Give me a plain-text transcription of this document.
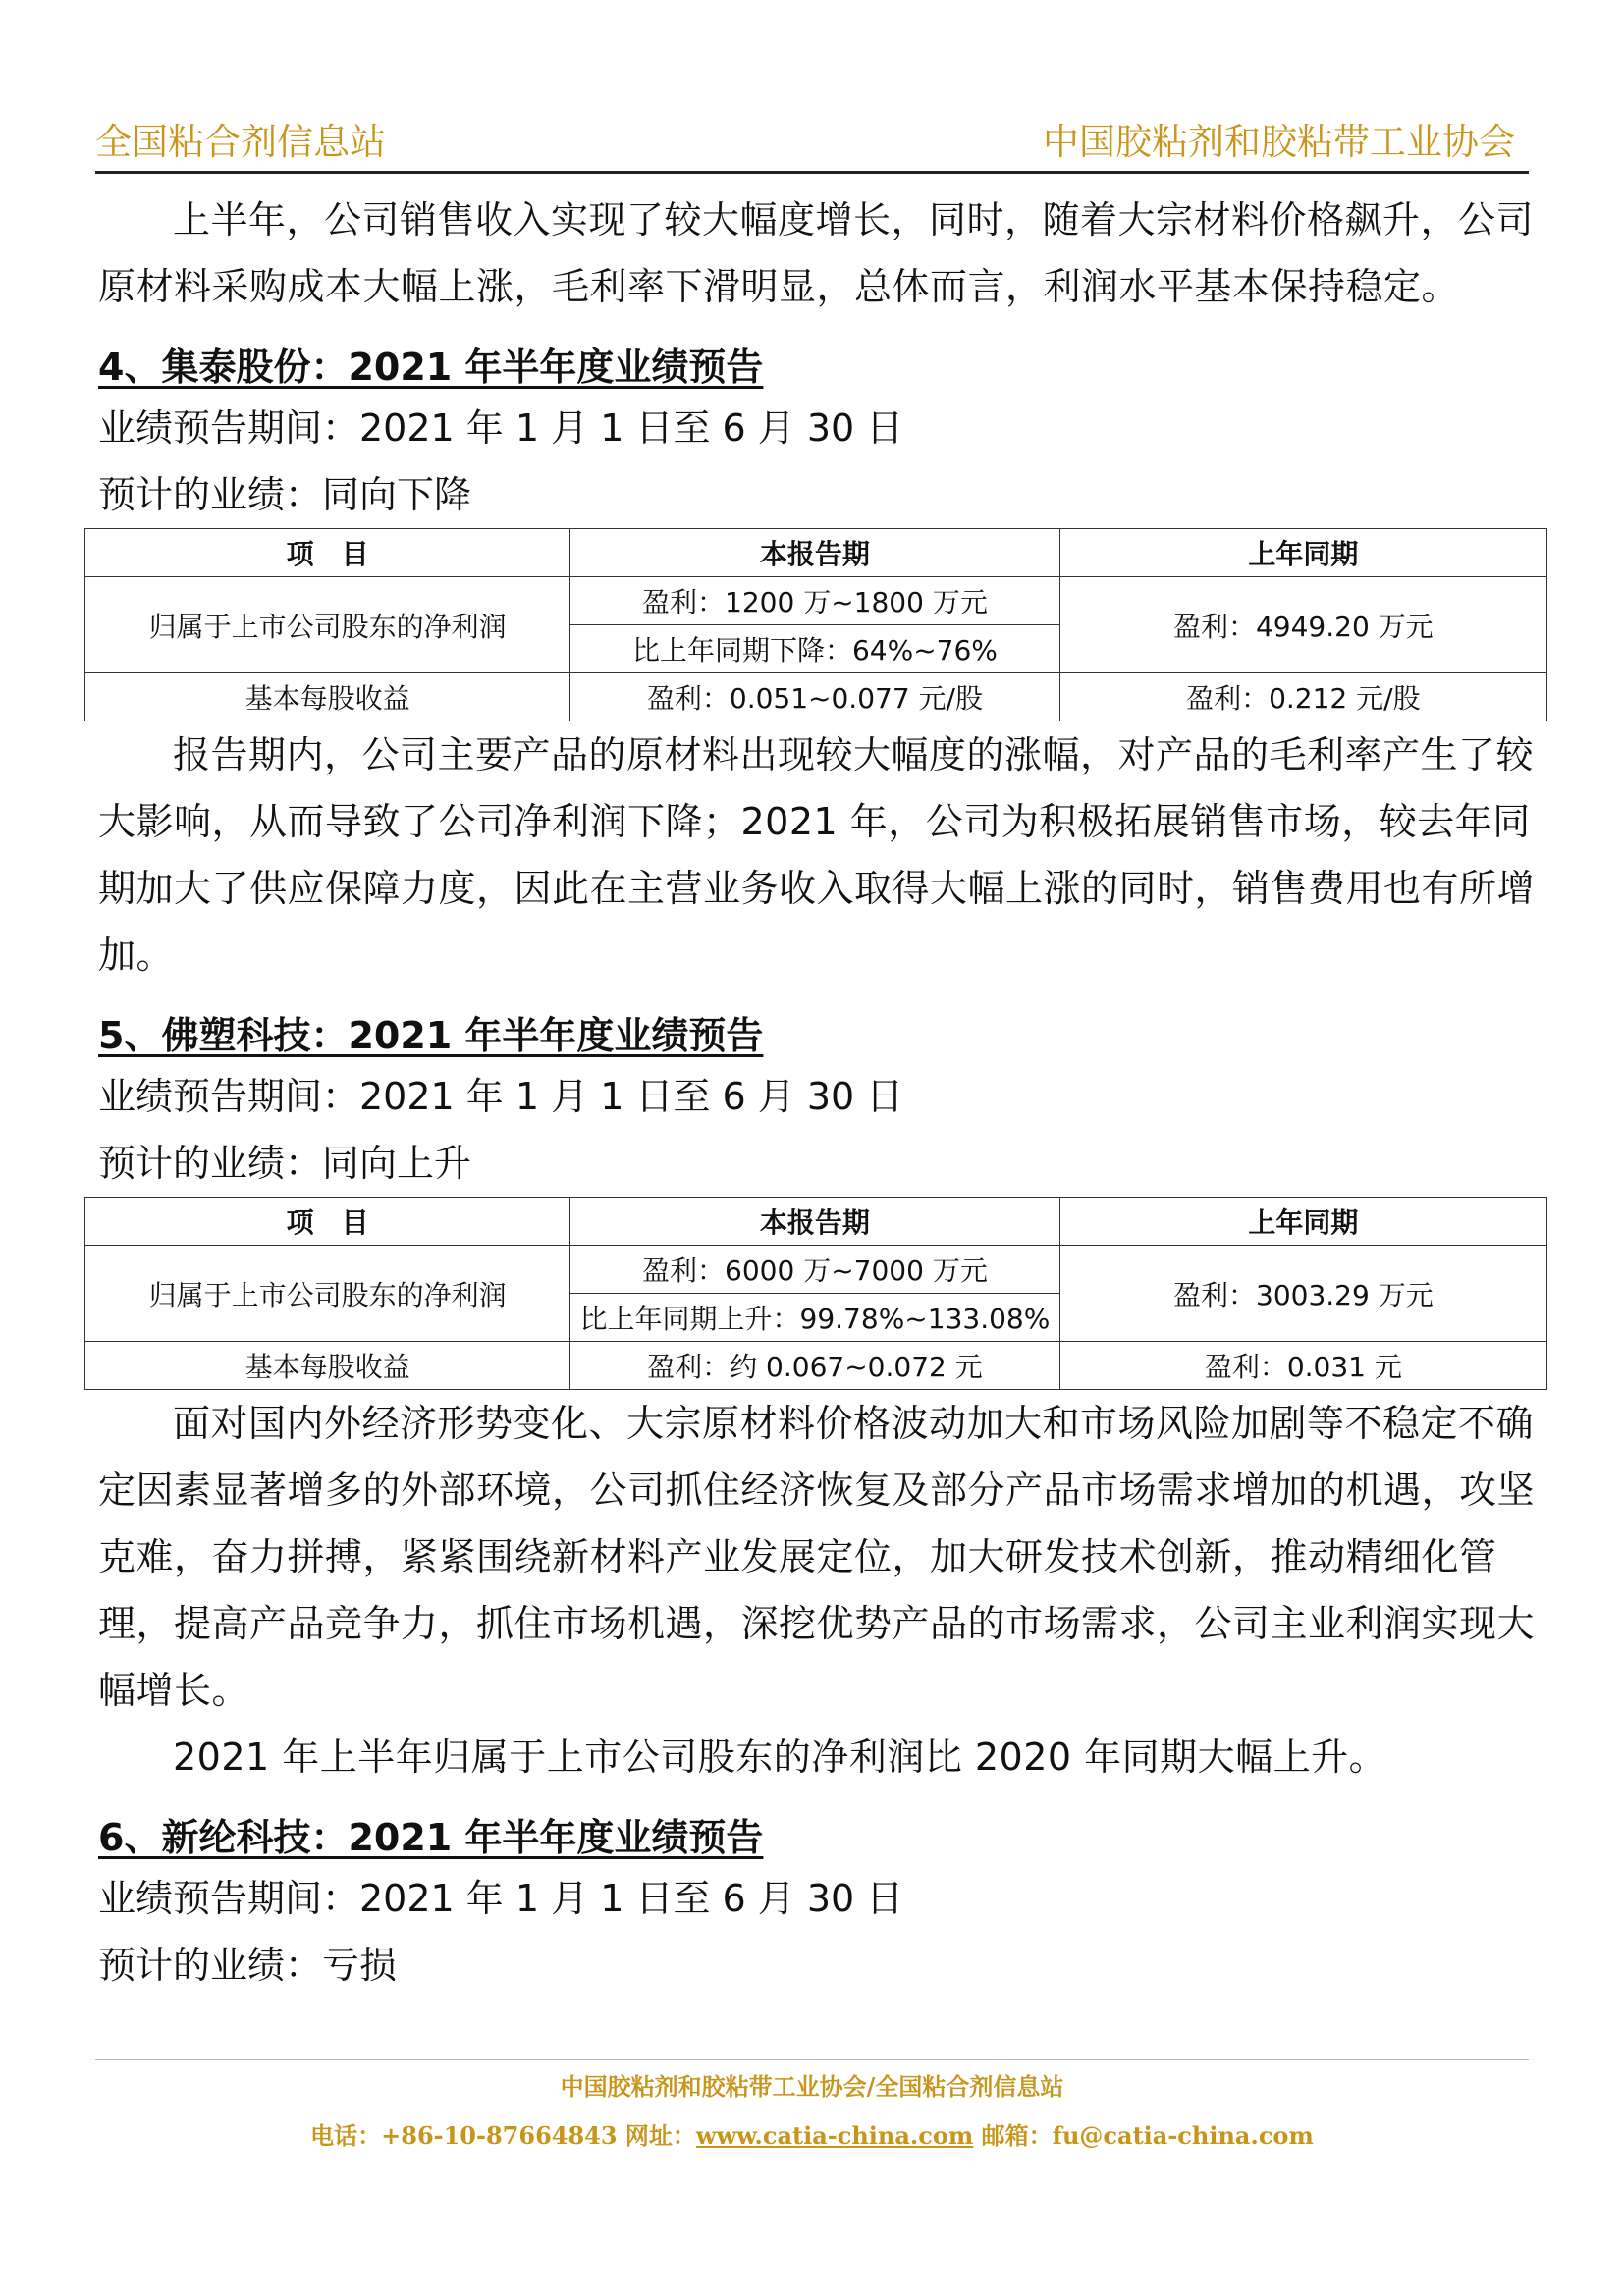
全国粘合剂信息站	中国胶粘剂和胶粘带工业协会

上半年，公司销售收入实现了较大幅度增长，同时，随着大宗材料价格飙升，公司原材料采购成本大幅上涨，毛利率下滑明显，总体而言，利润水平基本保持稳定。

4、集泰股份：2021 年半年度业绩预告

业绩预告期间：2021 年 1 月 1 日至 6 月 30 日

预计的业绩：同向下降

项　目	本报告期	上年同期
归属于上市公司股东的净利润	盈利：1200 万~1800 万元	盈利：4949.20 万元
	比上年同期下降：64%~76%	
基本每股收益	盈利：0.051~0.077 元/股	盈利：0.212 元/股

报告期内，公司主要产品的原材料出现较大幅度的涨幅，对产品的毛利率产生了较大影响，从而导致了公司净利润下降；2021 年，公司为积极拓展销售市场，较去年同期加大了供应保障力度，因此在主营业务收入取得大幅上涨的同时，销售费用也有所增加。

5、佛塑科技：2021 年半年度业绩预告

业绩预告期间：2021 年 1 月 1 日至 6 月 30 日

预计的业绩：同向上升

项　目	本报告期	上年同期
归属于上市公司股东的净利润	盈利：6000 万~7000 万元	盈利：3003.29 万元
	比上年同期上升：99.78%~133.08%	
基本每股收益	盈利：约 0.067~0.072 元	盈利：0.031 元

面对国内外经济形势变化、大宗原材料价格波动加大和市场风险加剧等不稳定不确定因素显著增多的外部环境，公司抓住经济恢复及部分产品市场需求增加的机遇，攻坚克难，奋力拼搏，紧紧围绕新材料产业发展定位，加大研发技术创新，推动精细化管理，提高产品竞争力，抓住市场机遇，深挖优势产品的市场需求，公司主业利润实现大幅增长。

2021 年上半年归属于上市公司股东的净利润比 2020 年同期大幅上升。

6、新纶科技：2021 年半年度业绩预告

业绩预告期间：2021 年 1 月 1 日至 6 月 30 日

预计的业绩：亏损

中国胶粘剂和胶粘带工业协会/全国粘合剂信息站
电话：+86-10-87664843 网址：www.catia-china.com 邮箱：fu@catia-china.com
